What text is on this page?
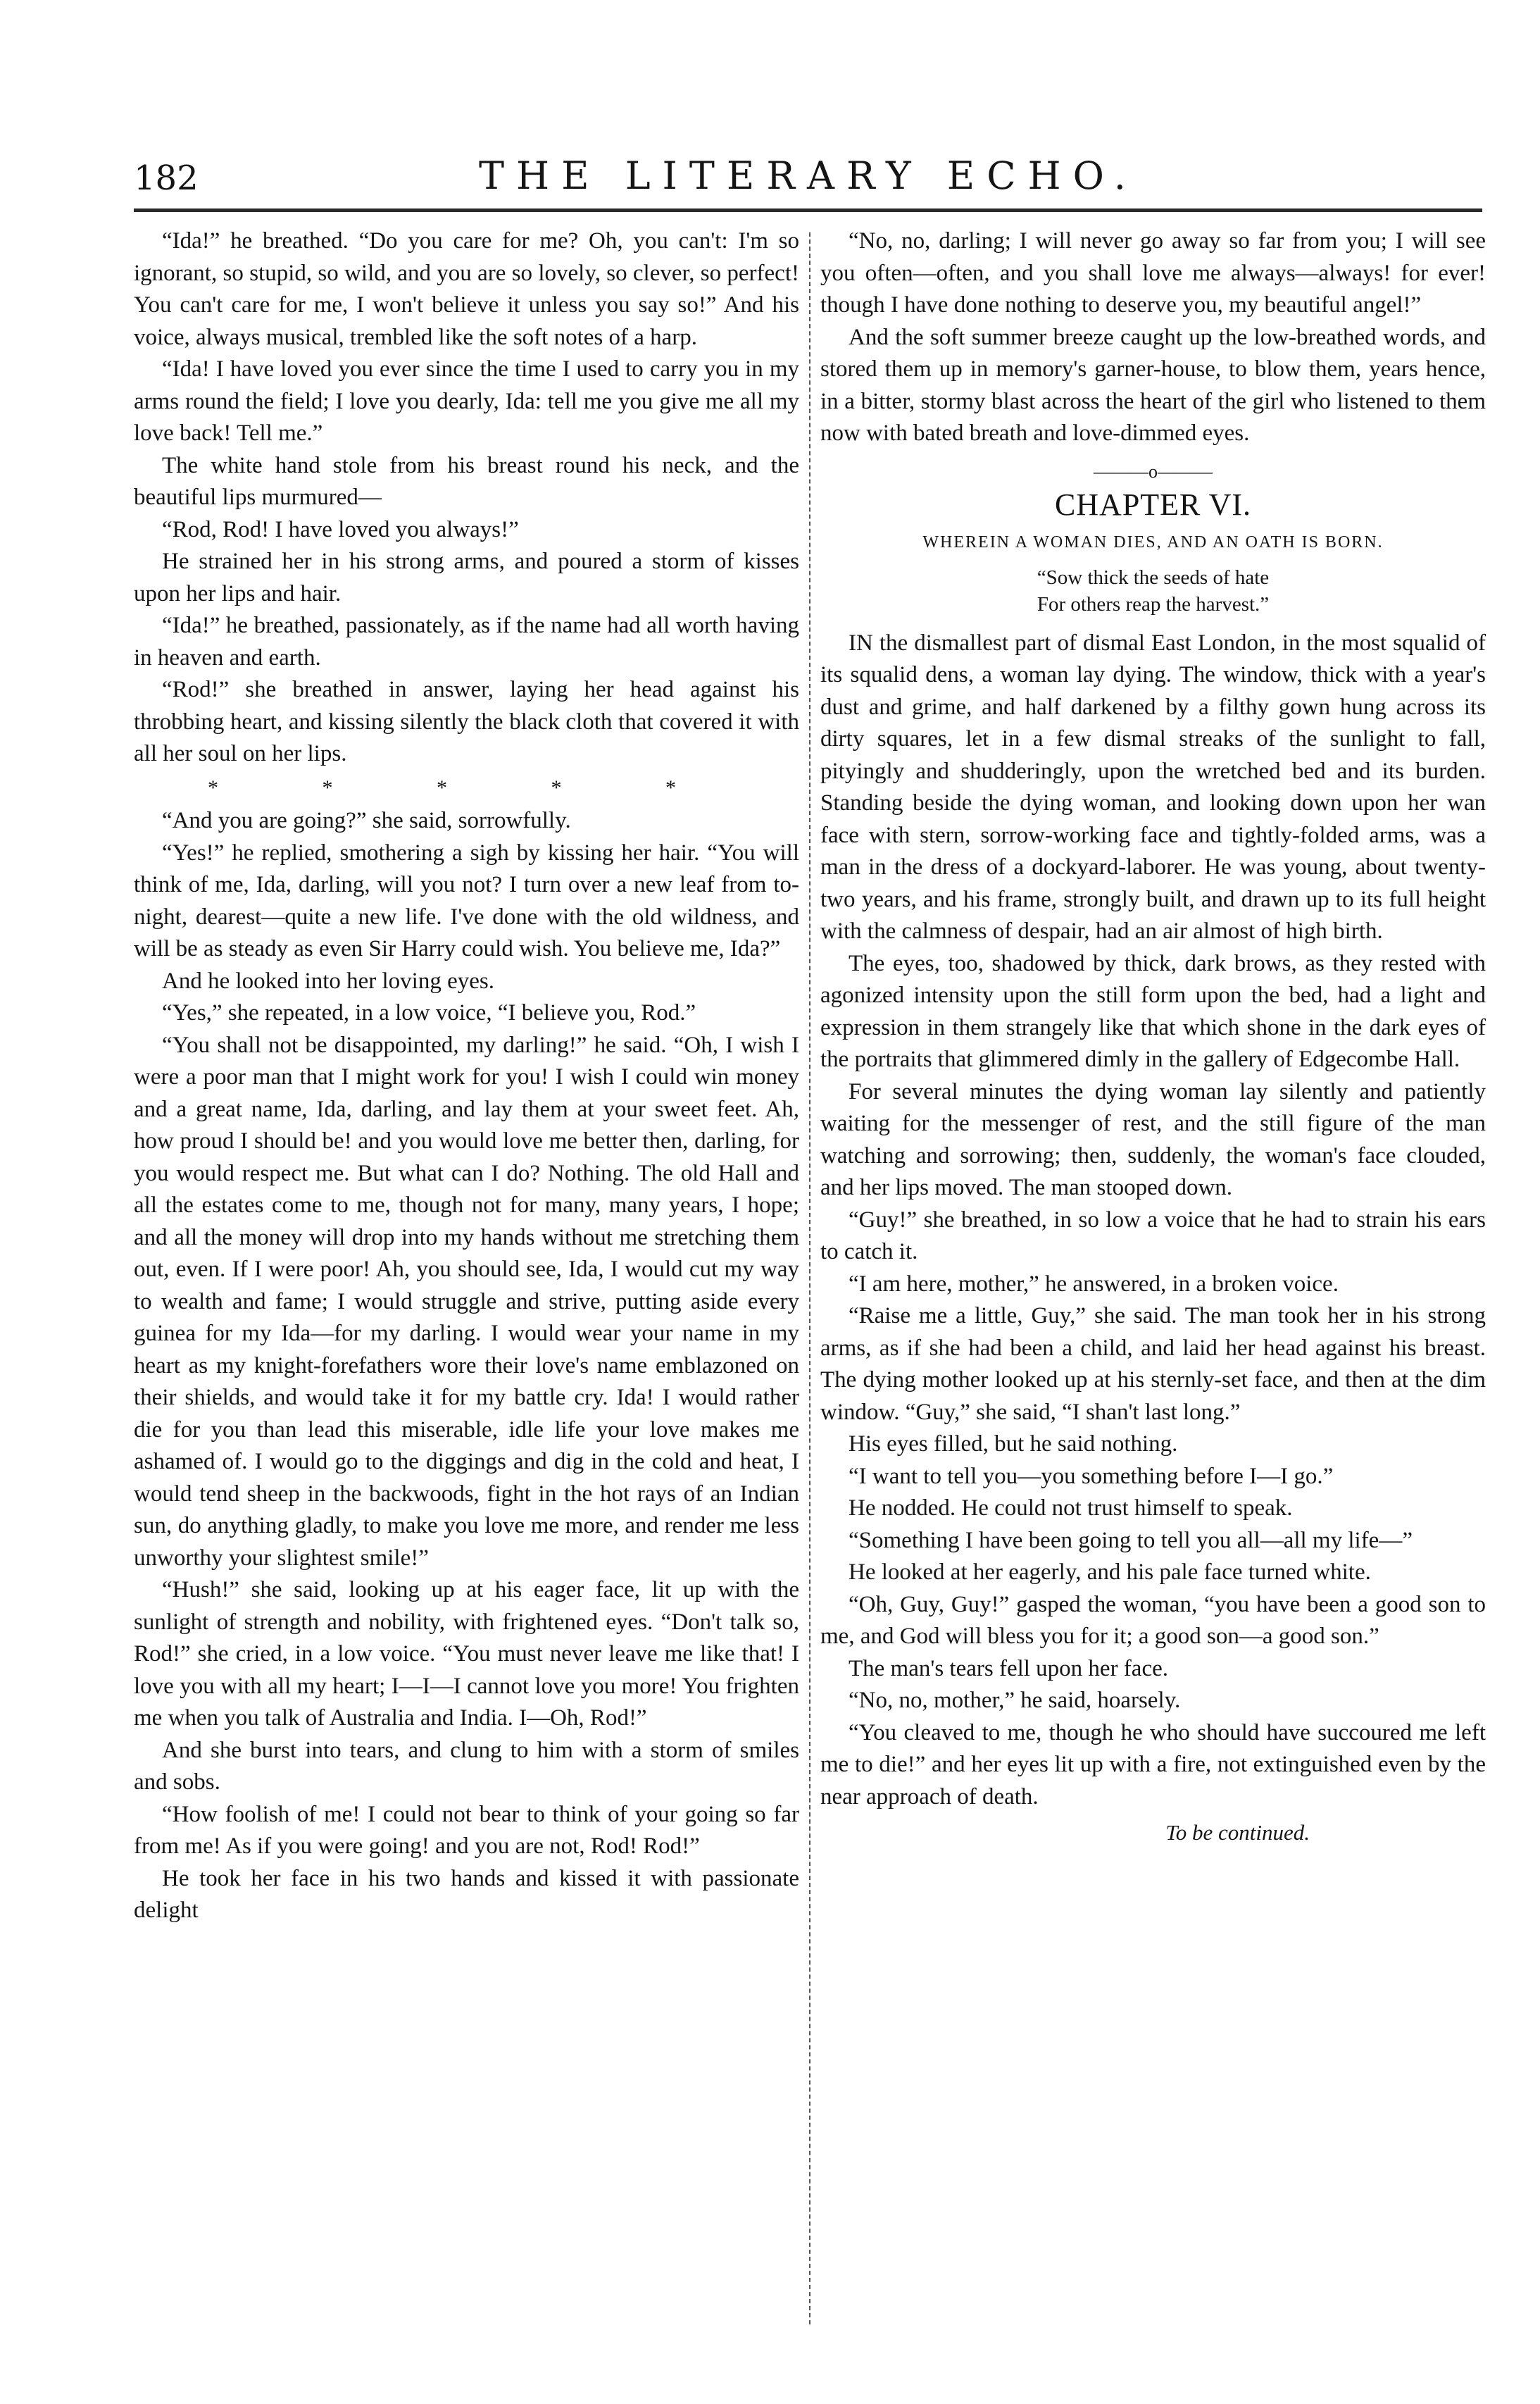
182	THE LITERARY ECHO.

“Ida!” he breathed. “Do you care for me? Oh, you can't: I'm so ignorant, so stupid, so wild, and you are so lovely, so clever, so perfect! You can't care for me, I won't believe it unless you say so!” And his voice, always musical, trembled like the soft notes of a harp.

“Ida! I have loved you ever since the time I used to carry you in my arms round the field; I love you dearly, Ida: tell me you give me all my love back! Tell me.”

The white hand stole from his breast round his neck, and the beautiful lips murmured—

“Rod, Rod! I have loved you always!”

He strained her in his strong arms, and poured a storm of kisses upon her lips and hair.

“Ida!” he breathed, passionately, as if the name had all worth having in heaven and earth.

“Rod!” she breathed in answer, laying her head against his throbbing heart, and kissing silently the black cloth that covered it with all her soul on her lips.

* * * * *

“And you are going?” she said, sorrowfully.

“Yes!” he replied, smothering a sigh by kissing her hair. “You will think of me, Ida, darling, will you not? I turn over a new leaf from to-night, dearest—quite a new life. I've done with the old wildness, and will be as steady as even Sir Harry could wish. You believe me, Ida?”

And he looked into her loving eyes.

“Yes,” she repeated, in a low voice, “I believe you, Rod.”

“You shall not be disappointed, my darling!” he said. “Oh, I wish I were a poor man that I might work for you! I wish I could win money and a great name, Ida, darling, and lay them at your sweet feet. Ah, how proud I should be! and you would love me better then, darling, for you would respect me. But what can I do? Nothing. The old Hall and all the estates come to me, though not for many, many years, I hope; and all the money will drop into my hands without me stretching them out, even. If I were poor! Ah, you should see, Ida, I would cut my way to wealth and fame; I would struggle and strive, putting aside every guinea for my Ida—for my darling. I would wear your name in my heart as my knight-forefathers wore their love's name emblazoned on their shields, and would take it for my battle cry. Ida! I would rather die for you than lead this miserable, idle life your love makes me ashamed of. I would go to the diggings and dig in the cold and heat, I would tend sheep in the backwoods, fight in the hot rays of an Indian sun, do anything gladly, to make you love me more, and render me less unworthy your slightest smile!”

“Hush!” she said, looking up at his eager face, lit up with the sunlight of strength and nobility, with frightened eyes. “Don't talk so, Rod!” she cried, in a low voice. “You must never leave me like that! I love you with all my heart; I—I—I cannot love you more! You frighten me when you talk of Australia and India. I—Oh, Rod!”

And she burst into tears, and clung to him with a storm of smiles and sobs.

“How foolish of me! I could not bear to think of your going so far from me! As if you were going! and you are not, Rod! Rod!”

He took her face in his two hands and kissed it with passionate delight

“No, no, darling; I will never go away so far from you; I will see you often—often, and you shall love me always—always! for ever! though I have done nothing to deserve you, my beautiful angel!”

And the soft summer breeze caught up the low-breathed words, and stored them up in memory's garner-house, to blow them, years hence, in a bitter, stormy blast across the heart of the girl who listened to them now with bated breath and love-dimmed eyes.

———o———
CHAPTER VI.
WHEREIN A WOMAN DIES, AND AN OATH IS BORN.
“Sow thick the seeds of hate
For others reap the harvest.”

IN the dismallest part of dismal East London, in the most squalid of its squalid dens, a woman lay dying. The window, thick with a year's dust and grime, and half darkened by a filthy gown hung across its dirty squares, let in a few dismal streaks of the sunlight to fall, pityingly and shudderingly, upon the wretched bed and its burden. Standing beside the dying woman, and looking down upon her wan face with stern, sorrow-working face and tightly-folded arms, was a man in the dress of a dockyard-laborer. He was young, about twenty-two years, and his frame, strongly built, and drawn up to its full height with the calmness of despair, had an air almost of high birth.

The eyes, too, shadowed by thick, dark brows, as they rested with agonized intensity upon the still form upon the bed, had a light and expression in them strangely like that which shone in the dark eyes of the portraits that glimmered dimly in the gallery of Edgecombe Hall.

For several minutes the dying woman lay silently and patiently waiting for the messenger of rest, and the still figure of the man watching and sorrowing; then, suddenly, the woman's face clouded, and her lips moved. The man stooped down.

“Guy!” she breathed, in so low a voice that he had to strain his ears to catch it.

“I am here, mother,” he answered, in a broken voice.

“Raise me a little, Guy,” she said. The man took her in his strong arms, as if she had been a child, and laid her head against his breast. The dying mother looked up at his sternly-set face, and then at the dim window. “Guy,” she said, “I shan't last long.”

His eyes filled, but he said nothing.

“I want to tell you—you something before I—I go.”

He nodded. He could not trust himself to speak.

“Something I have been going to tell you all—all my life—”

He looked at her eagerly, and his pale face turned white.

“Oh, Guy, Guy!” gasped the woman, “you have been a good son to me, and God will bless you for it; a good son—a good son.”

The man's tears fell upon her face.

“No, no, mother,” he said, hoarsely.

“You cleaved to me, though he who should have succoured me left me to die!” and her eyes lit up with a fire, not extinguished even by the near approach of death.

To be continued.
